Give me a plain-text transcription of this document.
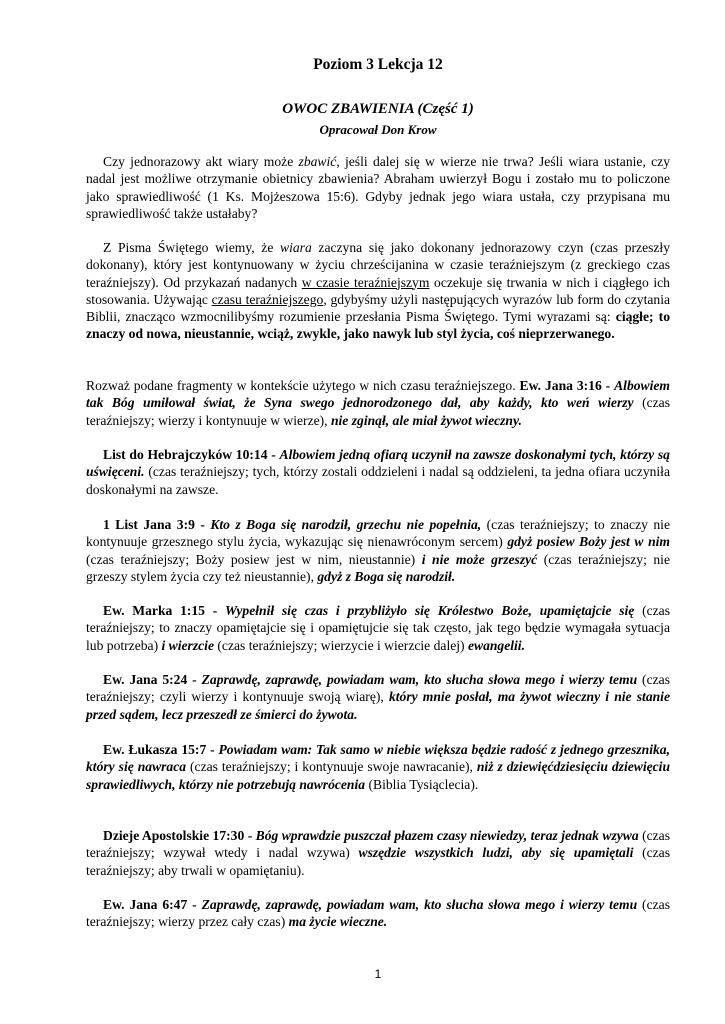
Poziom 3 Lekcja 12
OWOC ZBAWIENIA (Część 1)
Opracował Don Krow

Czy jednorazowy akt wiary może zbawić, jeśli dalej się w wierze nie trwa? Jeśli wiara ustanie, czy nadal jest możliwe otrzymanie obietnicy zbawienia? Abraham uwierzył Bogu i zostało mu to policzone jako sprawiedliwość (1 Ks. Mojżeszowa 15:6). Gdyby jednak jego wiara ustała, czy przypisana mu sprawiedliwość także ustałaby?

Z Pisma Świętego wiemy, że wiara zaczyna się jako dokonany jednorazowy czyn (czas przeszły dokonany), który jest kontynuowany w życiu chrześcijanina w czasie teraźniejszym (z greckiego czas teraźniejszy). Od przykazań nadanych w czasie teraźniejszym oczekuje się trwania w nich i ciągłego ich stosowania. Używając czasu teraźniejszego, gdybyśmy użyli następujących wyrazów lub form do czytania Biblii, znacząco wzmocnilibyśmy rozumienie przesłania Pisma Świętego. Tymi wyrazami są: ciągłe; to znaczy od nowa, nieustannie, wciąż, zwykle, jako nawyk lub styl życia, coś nieprzerwanego.

Rozważ podane fragmenty w kontekście użytego w nich czasu teraźniejszego. Ew. Jana 3:16 - Albowiem tak Bóg umiłował świat, że Syna swego jednorodzonego dał, aby każdy, kto weń wierzy (czas teraźniejszy; wierzy i kontynuuje w wierze), nie zginął, ale miał żywot wieczny.

List do Hebrajczyków 10:14 - Albowiem jedną ofiarą uczynił na zawsze doskonałymi tych, którzy są uświęceni. (czas teraźniejszy; tych, którzy zostali oddzieleni i nadal są oddzieleni, ta jedna ofiara uczyniła doskonałymi na zawsze.

1 List Jana 3:9 - Kto z Boga się narodził, grzechu nie popełnia, (czas teraźniejszy; to znaczy nie kontynuuje grzesznego stylu życia, wykazując się nienawróconym sercem) gdyż posiew Boży jest w nim (czas teraźniejszy; Boży posiew jest w nim, nieustannie) i nie może grzeszyć (czas teraźniejszy; nie grzeszy stylem życia czy też nieustannie), gdyż z Boga się narodził.

Ew. Marka 1:15 - Wypełnił się czas i przybliżyło się Królestwo Boże, upamiętajcie się (czas teraźniejszy; to znaczy opamiętajcie się i opamiętujcie się tak często, jak tego będzie wymagała sytuacja lub potrzeba) i wierzcie (czas teraźniejszy; wierzycie i wierzcie dalej) ewangelii.

Ew. Jana 5:24 - Zaprawdę, zaprawdę, powiadam wam, kto słucha słowa mego i wierzy temu (czas teraźniejszy; czyli wierzy i kontynuuje swoją wiarę), który mnie posłał, ma żywot wieczny i nie stanie przed sądem, lecz przeszedł ze śmierci do żywota.

Ew. Łukasza 15:7 - Powiadam wam: Tak samo w niebie większa będzie radość z jednego grzesznika, który się nawraca (czas teraźniejszy; i kontynuuje swoje nawracanie), niż z dziewięćdziesięciu dziewięciu sprawiedliwych, którzy nie potrzebują nawrócenia (Biblia Tysiąclecia).

Dzieje Apostolskie 17:30 - Bóg wprawdzie puszczał płazem czasy niewiedzy, teraz jednak wzywa (czas teraźniejszy; wzywał wtedy i nadal wzywa) wszędzie wszystkich ludzi, aby się upamiętali (czas teraźniejszy; aby trwali w opamiętaniu).

Ew. Jana 6:47 - Zaprawdę, zaprawdę, powiadam wam, kto słucha słowa mego i wierzy temu (czas teraźniejszy; wierzy przez cały czas) ma życie wieczne.

1
